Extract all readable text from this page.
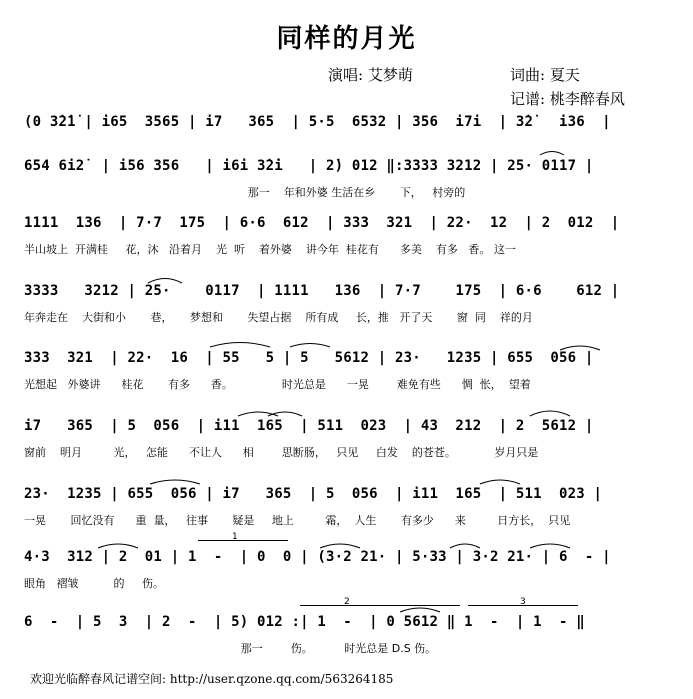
同样的月光
演唱: 艾梦萌	词曲: 夏天
记谱: 桃李醉春风
(0 3̇2̇1̇ | i65  3565 | i7   365  | 5·5  6532 | 356  i7i  | 3̇2̇   i36  |
654 6i2̇  | i56 356   | i6i 3̇2̇i   | 2̇) 012 ‖:3333 3212 | 25· 0117 |
那一    年和外婆 生活在乡       下，   村旁的
1111  136  | 7·7  175  | 6·6  612  | 333  321  | 22·  12  | 2  012  |
半山坡上  开满桂     花，沐   沿着月    光  听    着外婆    讲今年  桂花有      多美    有多   香。 这一
3333   3212 | 25·    0117  | 1111   136  | 7·7    175  | 6·6    612 |
年奔走在    大街和小       巷，     梦想和       失望占据    所有成     长，推   开了天       窗  同    祥的月
333  321  | 22·  16  | 55   5 | 5   5612 | 23·   1235 | 655  056 |
光想起   外婆讲      桂花       有多      香。              时光总是      一晃        难免有些      惆  怅，  望着
i7   365  | 5  056  | i11  165  | 511  023  | 43  212  | 2  5612 |
窗前    明月         光，   怎能      不让人      相        思断肠，   只见     白发    的苍苍。           岁月只是
23·  1235 | 655  056 | i7   365  | 5  056  | i11  165  | 511  023 |
一晃       回忆没有      重  量，   往事       疑是     地上         霜，  人生       有多少      来         日方长，  只见
4·3  312 | 2  01 | 1  -  | 0  0 | (3·2 21· | 5·33 | 3·2 21· | 6  - |
眼角   褶皱          的     伤。
6  -  | 5  3  | 2  -  | 5) 012 :| 1  -  | 0 5612 ‖ 1  -  | 1  - ‖
那一        伤。         时光总是 D.S 伤。
1
2	3
欢迎光临醉春风记谱空间: http://user.qzone.qq.com/563264185
